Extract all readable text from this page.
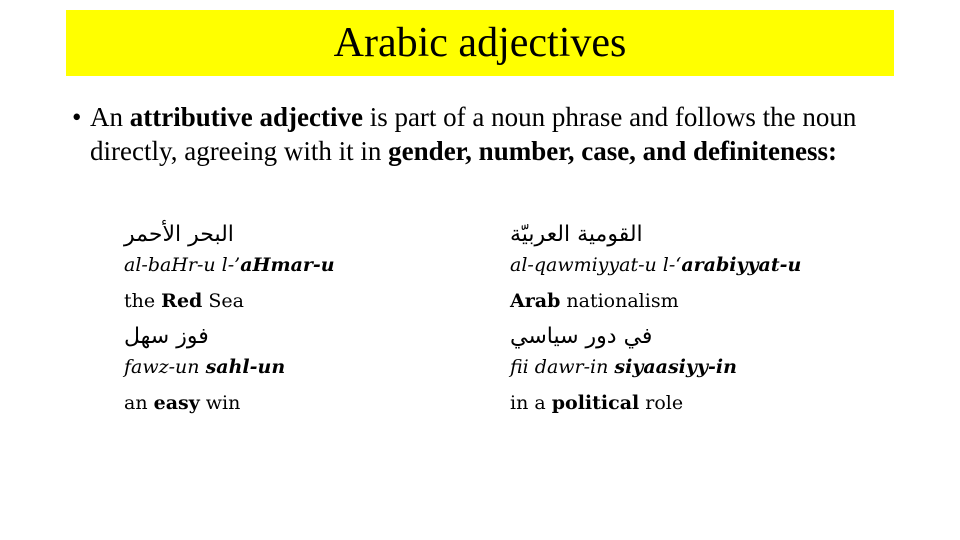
Arabic adjectives

• An attributive adjective is part of a noun phrase and follows the noun directly, agreeing with it in gender, number, case, and definiteness:

البحر الأحمر
al-baHr-u l-’aHmar-u
the Red Sea
القومية العربيّة
al-qawmiyyat-u l-‘arabiyyat-u
Arab nationalism
فوز سهل
fawz-un sahl-un
an easy win
في دور سياسي
fii dawr-in siyaasiyy-in
in a political role
